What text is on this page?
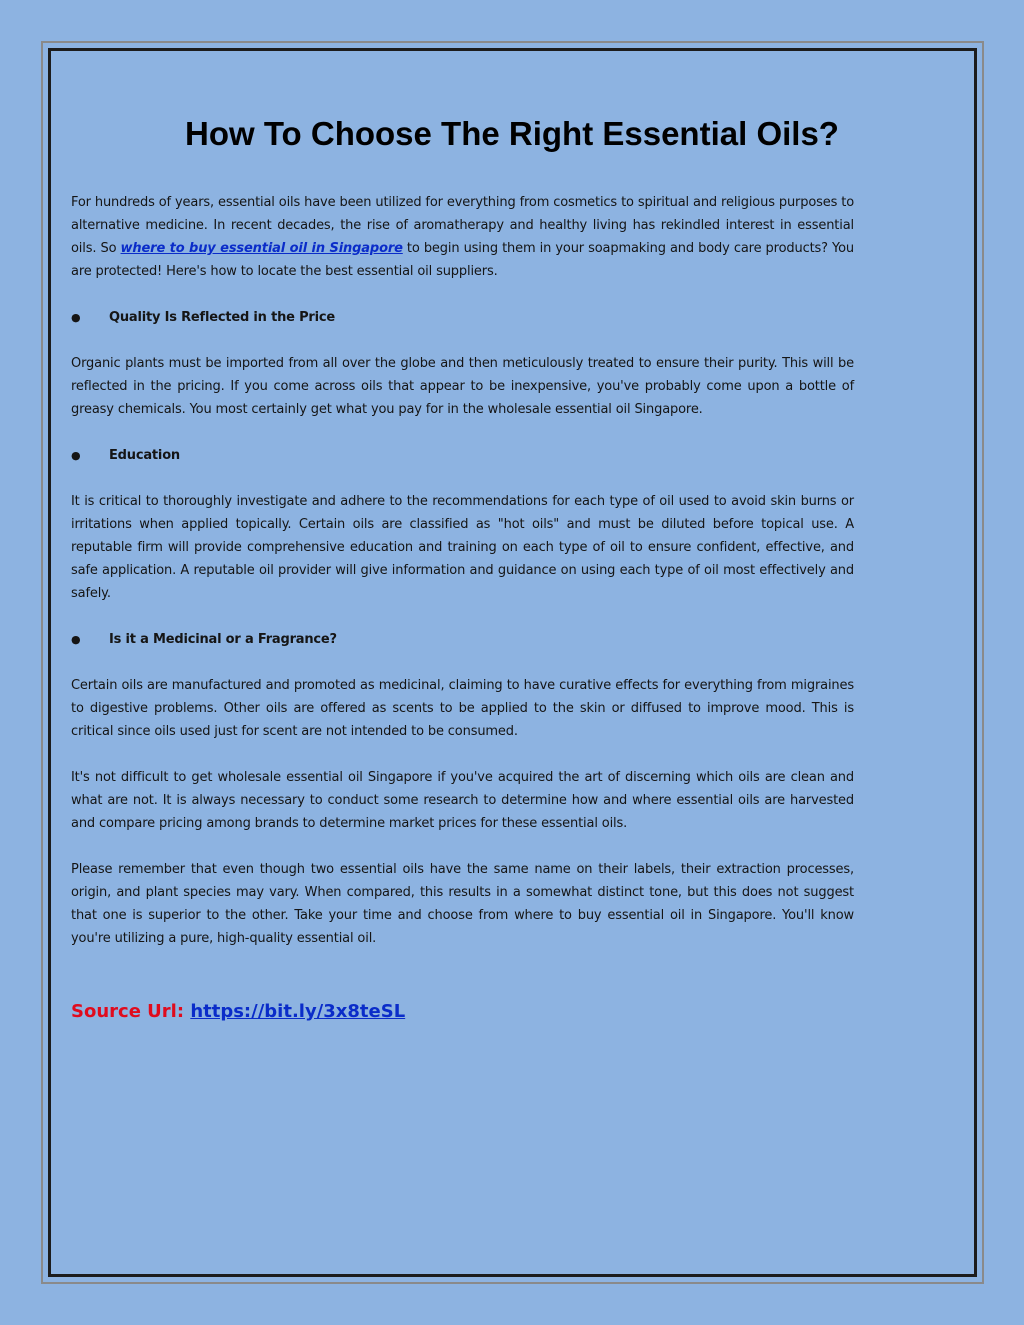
How To Choose The Right Essential Oils?

For hundreds of years, essential oils have been utilized for everything from cosmetics to spiritual and religious purposes to alternative medicine. In recent decades, the rise of aromatherapy and healthy living has rekindled interest in essential oils. So where to buy essential oil in Singapore to begin using them in your soapmaking and body care products? You are protected! Here's how to locate the best essential oil suppliers.

● Quality Is Reflected in the Price

Organic plants must be imported from all over the globe and then meticulously treated to ensure their purity. This will be reflected in the pricing. If you come across oils that appear to be inexpensive, you've probably come upon a bottle of greasy chemicals. You most certainly get what you pay for in the wholesale essential oil Singapore.

● Education

It is critical to thoroughly investigate and adhere to the recommendations for each type of oil used to avoid skin burns or irritations when applied topically. Certain oils are classified as "hot oils" and must be diluted before topical use. A reputable firm will provide comprehensive education and training on each type of oil to ensure confident, effective, and safe application. A reputable oil provider will give information and guidance on using each type of oil most effectively and safely.

● Is it a Medicinal or a Fragrance?

Certain oils are manufactured and promoted as medicinal, claiming to have curative effects for everything from migraines to digestive problems. Other oils are offered as scents to be applied to the skin or diffused to improve mood. This is critical since oils used just for scent are not intended to be consumed.

It's not difficult to get wholesale essential oil Singapore if you've acquired the art of discerning which oils are clean and what are not. It is always necessary to conduct some research to determine how and where essential oils are harvested and compare pricing among brands to determine market prices for these essential oils.

Please remember that even though two essential oils have the same name on their labels, their extraction processes, origin, and plant species may vary. When compared, this results in a somewhat distinct tone, but this does not suggest that one is superior to the other. Take your time and choose from where to buy essential oil in Singapore. You'll know you're utilizing a pure, high-quality essential oil.

Source Url: https://bit.ly/3x8teSL
